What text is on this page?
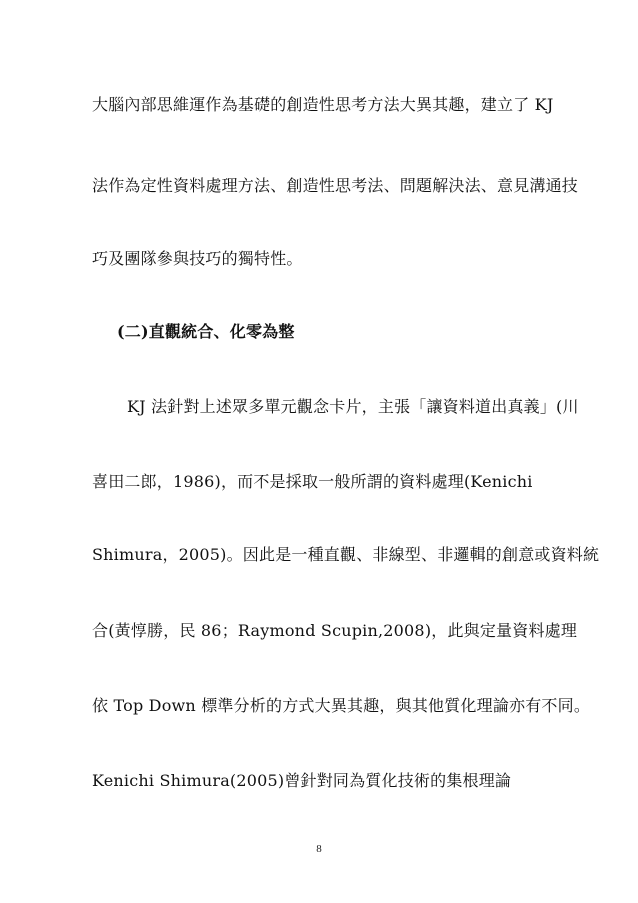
大腦內部思維運作為基礎的創造性思考方法大異其趣，建立了 KJ
法作為定性資料處理方法、創造性思考法、問題解決法、意見溝通技
巧及團隊參與技巧的獨特性。
(二)直觀統合、化零為整
KJ 法針對上述眾多單元觀念卡片，主張「讓資料道出真義」(川
喜田二郎，1986)，而不是採取一般所謂的資料處理(Kenichi
Shimura，2005)。因此是一種直觀、非線型、非邏輯的創意或資料統
合(黃惇勝，民 86；Raymond Scupin,2008)，此與定量資料處理
依 Top Down 標準分析的方式大異其趣，與其他質化理論亦有不同。
Kenichi Shimura(2005)曾針對同為質化技術的集根理論
8
